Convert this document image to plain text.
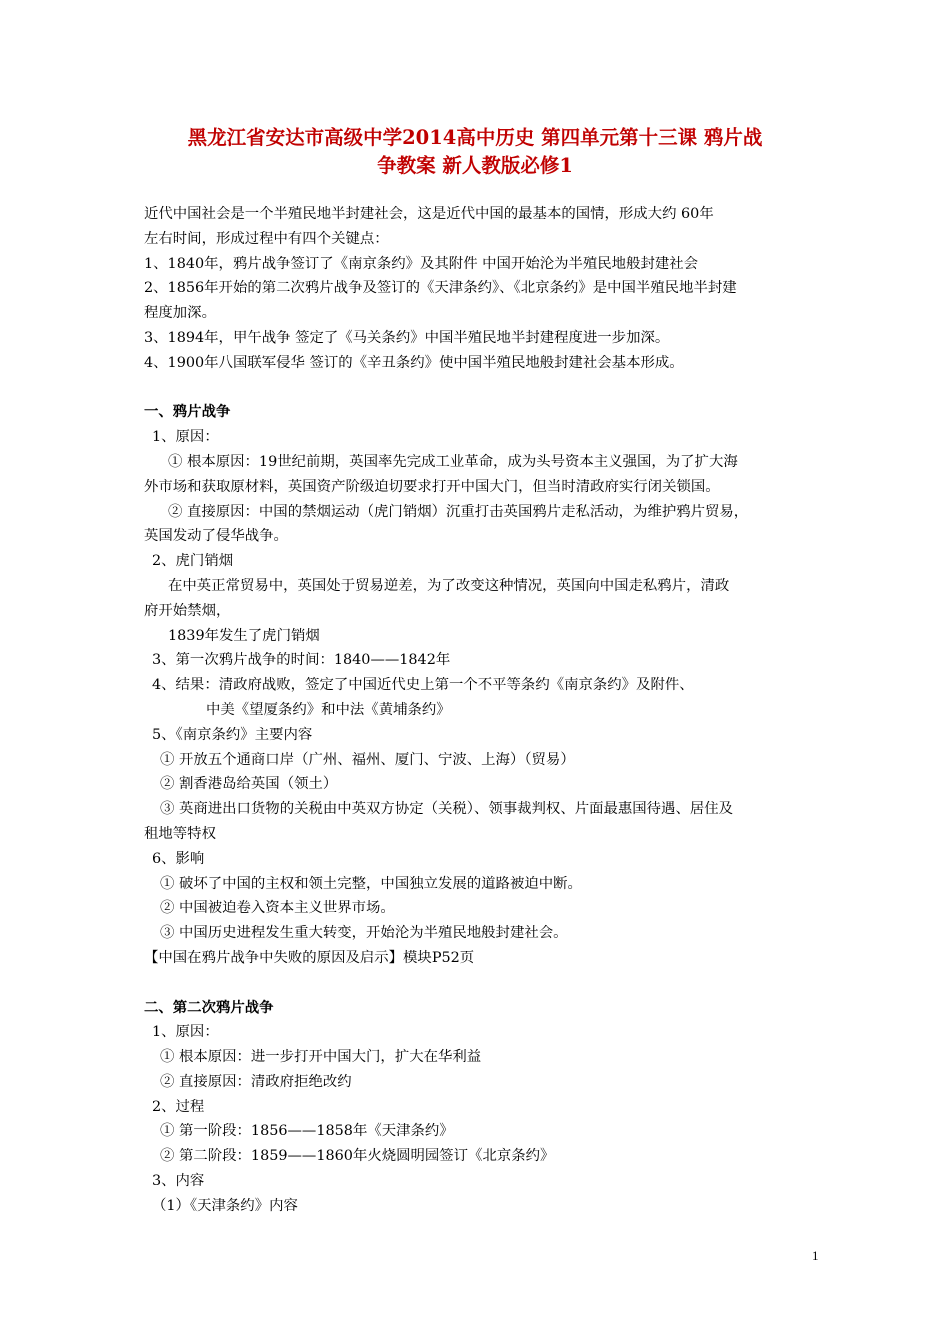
黑龙江省安达市高级中学2014高中历史 第四单元第十三课 鸦片战
争教案 新人教版必修1
近代中国社会是一个半殖民地半封建社会，这是近代中国的最基本的国情，形成大约 60年
左右时间，形成过程中有四个关键点：
1、1840年，鸦片战争签订了《南京条约》及其附件 中国开始沦为半殖民地般封建社会
2、1856年开始的第二次鸦片战争及签订的《天津条约》、《北京条约》是中国半殖民地半封建
程度加深。
3、1894年，甲午战争 签定了《马关条约》中国半殖民地半封建程度进一步加深。
4、1900年八国联军侵华 签订的《辛丑条约》使中国半殖民地般封建社会基本形成。
一、鸦片战争
1、原因：
① 根本原因：19世纪前期，英国率先完成工业革命，成为头号资本主义强国，为了扩大海
外市场和获取原材料，英国资产阶级迫切要求打开中国大门，但当时清政府实行闭关锁国。
② 直接原因：中国的禁烟运动（虎门销烟）沉重打击英国鸦片走私活动，为维护鸦片贸易，
英国发动了侵华战争。
2、虎门销烟
在中英正常贸易中，英国处于贸易逆差，为了改变这种情况，英国向中国走私鸦片，清政
府开始禁烟，
1839年发生了虎门销烟
3、第一次鸦片战争的时间：1840——1842年
4、结果：清政府战败，签定了中国近代史上第一个不平等条约《南京条约》及附件、
中美《望厦条约》和中法《黄埔条约》
5、《南京条约》主要内容
① 开放五个通商口岸（广州、福州、厦门、宁波、上海）（贸易）
② 割香港岛给英国（领土）
③ 英商进出口货物的关税由中英双方协定（关税）、领事裁判权、片面最惠国待遇、居住及
租地等特权
6、影响
① 破坏了中国的主权和领土完整，中国独立发展的道路被迫中断。
② 中国被迫卷入资本主义世界市场。
③ 中国历史进程发生重大转变，开始沦为半殖民地般封建社会。
【中国在鸦片战争中失败的原因及启示】模块P52页
二、第二次鸦片战争
1、原因：
① 根本原因：进一步打开中国大门，扩大在华利益
② 直接原因：清政府拒绝改约
2、过程
① 第一阶段：1856——1858年《天津条约》
② 第二阶段：1859——1860年火烧圆明园签订《北京条约》
3、内容
（1）《天津条约》内容
1
